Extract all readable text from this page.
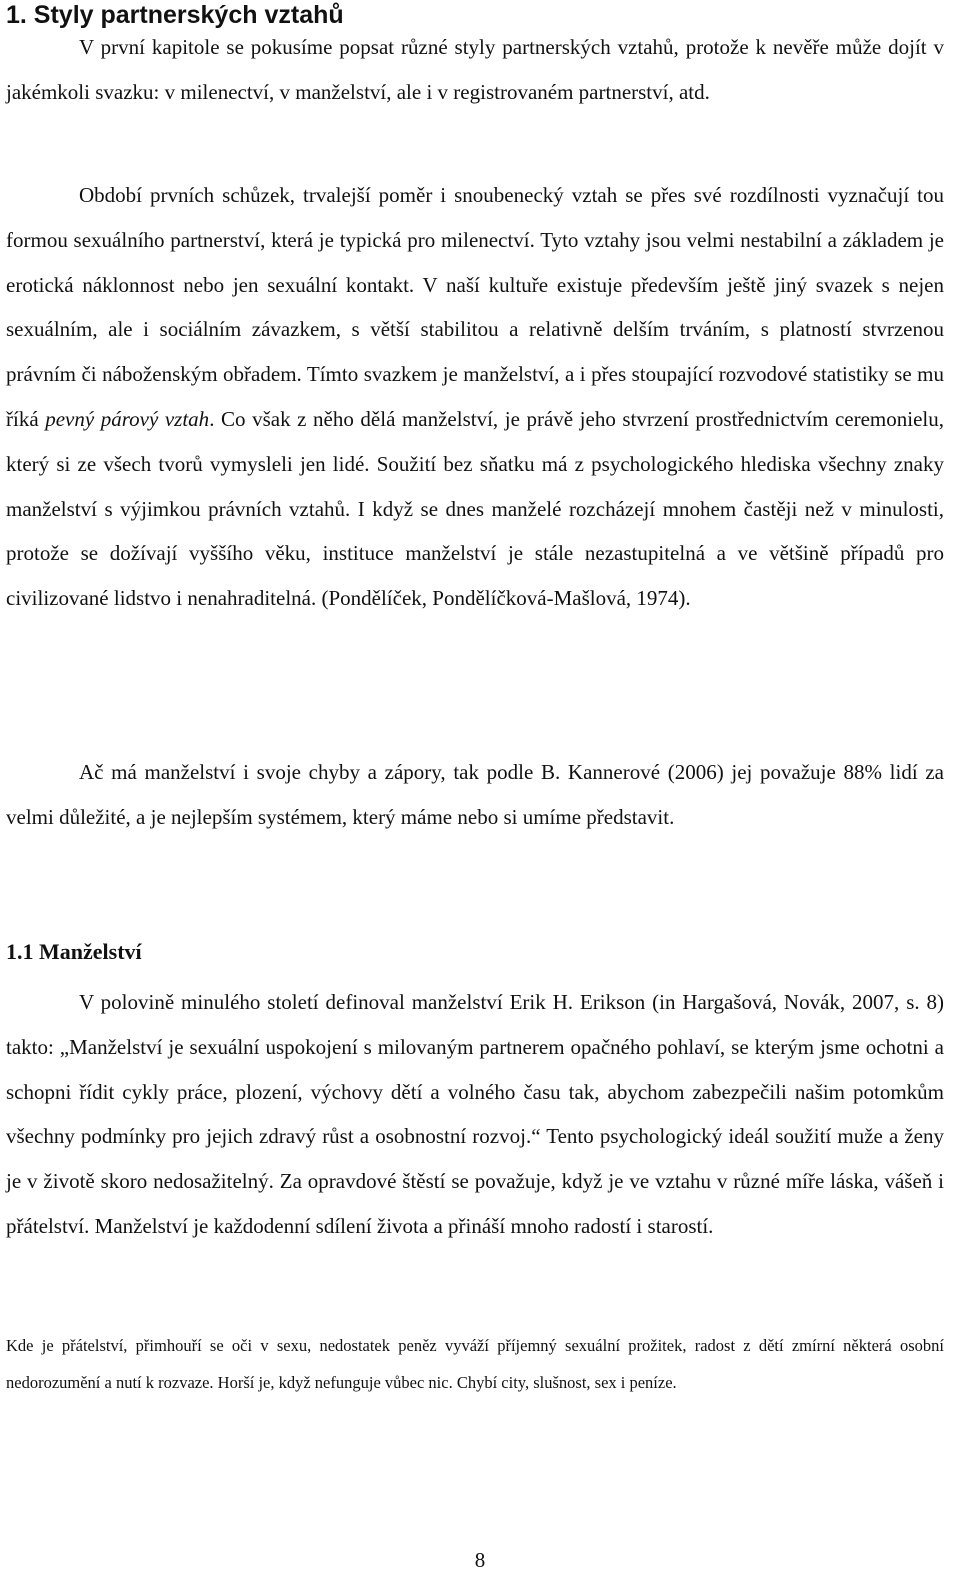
1. Styly partnerských vztahů

V první kapitole se pokusíme popsat různé styly partnerských vztahů, protože k nevěře může dojít v jakémkoli svazku: v milenectví, v manželství, ale i v registrovaném partnerství, atd.

Období prvních schůzek, trvalejší poměr i snoubenecký vztah se přes své rozdílnosti vyznačují tou formou sexuálního partnerství, která je typická pro milenectví. Tyto vztahy jsou velmi nestabilní a základem je erotická náklonnost nebo jen sexuální kontakt. V naší kultuře existuje především ještě jiný svazek s nejen sexuálním, ale i sociálním závazkem, s větší stabilitou a relativně delším trváním, s platností stvrzenou právním či náboženským obřadem. Tímto svazkem je manželství, a i přes stoupající rozvodové statistiky se mu říká pevný párový vztah. Co však z něho dělá manželství, je právě jeho stvrzení prostřednictvím ceremonielu, který si ze všech tvorů vymysleli jen lidé. Soužití bez sňatku má z psychologického hlediska všechny znaky manželství s výjimkou právních vztahů. I když se dnes manželé rozcházejí mnohem častěji než v minulosti, protože se dožívají vyššího věku, instituce manželství je stále nezastupitelná a ve většině případů pro civilizované lidstvo i nenahraditelná. (Pondělíček, Pondělíčková-Mašlová, 1974).

Ač má manželství i svoje chyby a zápory, tak podle B. Kannerové (2006) jej považuje 88% lidí za velmi důležité, a je nejlepším systémem, který máme nebo si umíme představit.

1.1 Manželství

V polovině minulého století definoval manželství Erik H. Erikson (in Hargašová, Novák, 2007, s. 8) takto: „Manželství je sexuální uspokojení s milovaným partnerem opačného pohlaví, se kterým jsme ochotni a schopni řídit cykly práce, plození, výchovy dětí a volného času tak, abychom zabezpečili našim potomkům všechny podmínky pro jejich zdravý růst a osobnostní rozvoj.“ Tento psychologický ideál soužití muže a ženy je v životě skoro nedosažitelný. Za opravdové štěstí se považuje, když je ve vztahu v různé míře láska, vášeň i přátelství. Manželství je každodenní sdílení života a přináší mnoho radostí i starostí.

Kde je přátelství, přimhouří se oči v sexu, nedostatek peněz vyváží příjemný sexuální prožitek, radost z dětí zmírní některá osobní nedorozumění a nutí k rozvaze. Horší je, když nefunguje vůbec nic. Chybí city, slušnost, sex i peníze.

8
